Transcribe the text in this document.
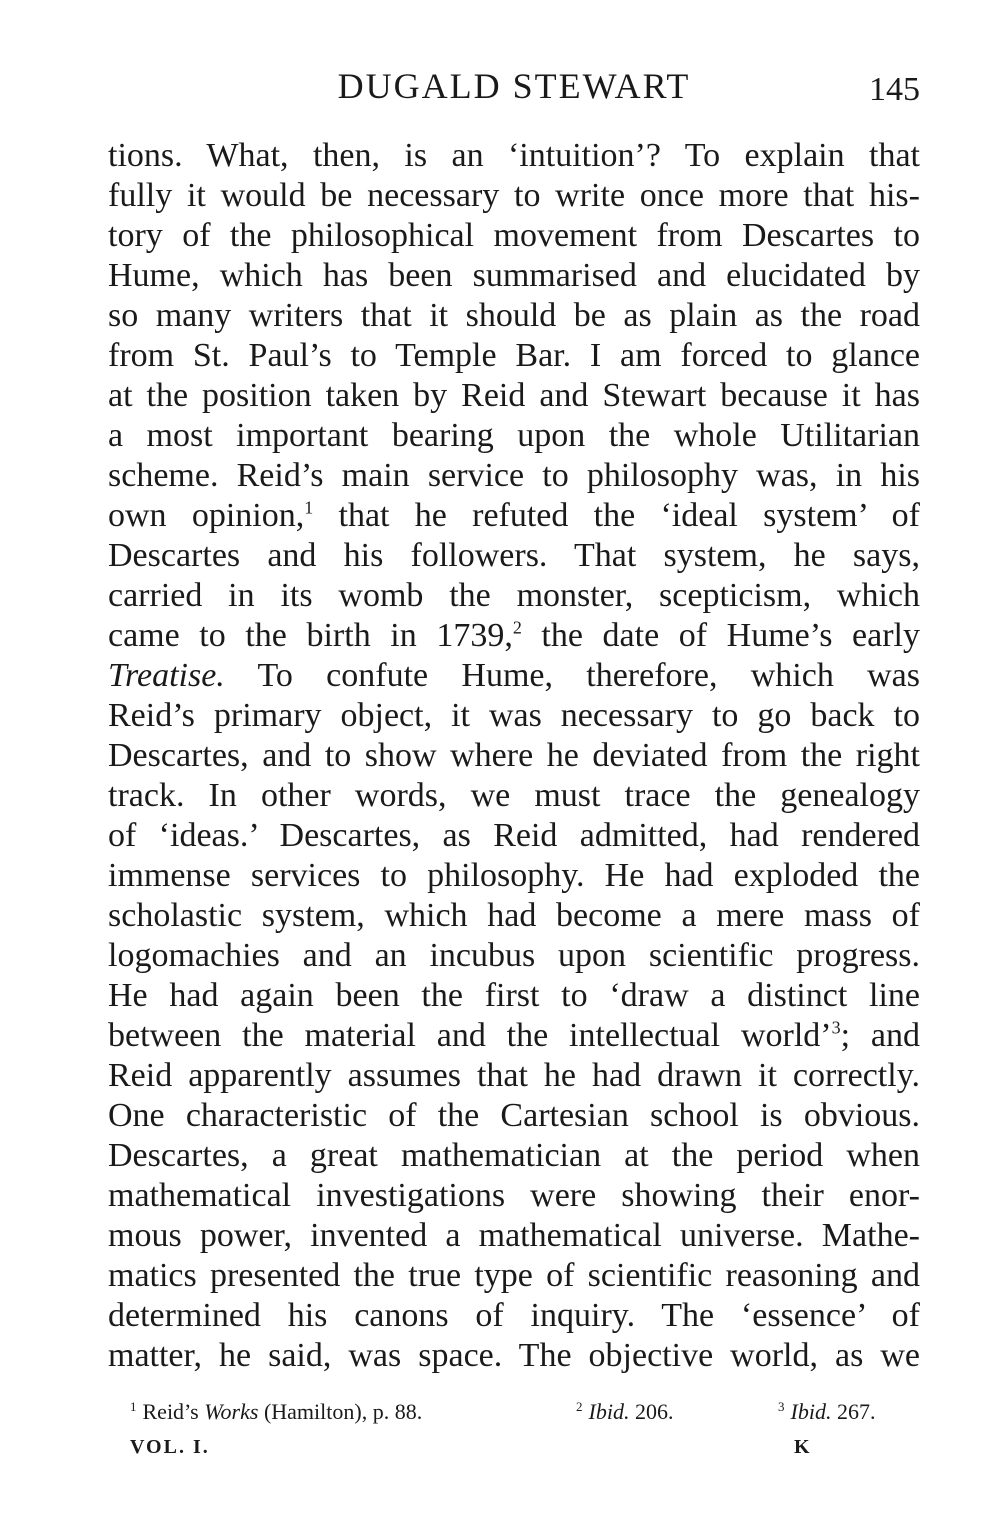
DUGALD STEWART	145
tions. What, then, is an ‘intuition’? To explain that
fully it would be necessary to write once more that his-
tory of the philosophical movement from Descartes to
Hume, which has been summarised and elucidated by
so many writers that it should be as plain as the road
from St. Paul’s to Temple Bar. I am forced to glance
at the position taken by Reid and Stewart because it has
a most important bearing upon the whole Utilitarian
scheme. Reid’s main service to philosophy was, in his
own opinion,$^1$ that he refuted the ‘ideal system’ of
Descartes and his followers. That system, he says,
carried in its womb the monster, scepticism, which
came to the birth in 1739,$^2$ the date of Hume’s early
Treatise. To confute Hume, therefore, which was
Reid’s primary object, it was necessary to go back to
Descartes, and to show where he deviated from the right
track. In other words, we must trace the genealogy
of ‘ideas.’ Descartes, as Reid admitted, had rendered
immense services to philosophy. He had exploded the
scholastic system, which had become a mere mass of
logomachies and an incubus upon scientific progress.
He had again been the first to ‘draw a distinct line
between the material and the intellectual world’$^3$; and
Reid apparently assumes that he had drawn it correctly.
One characteristic of the Cartesian school is obvious.
Descartes, a great mathematician at the period when
mathematical investigations were showing their enor-
mous power, invented a mathematical universe. Mathe-
matics presented the true type of scientific reasoning and
determined his canons of inquiry. The ‘essence’ of
matter, he said, was space. The objective world, as we
$^1$ Reid’s Works (Hamilton), p. 88.	$^2$ Ibid. 206.	$^3$ Ibid. 267.
VOL. I.	K
